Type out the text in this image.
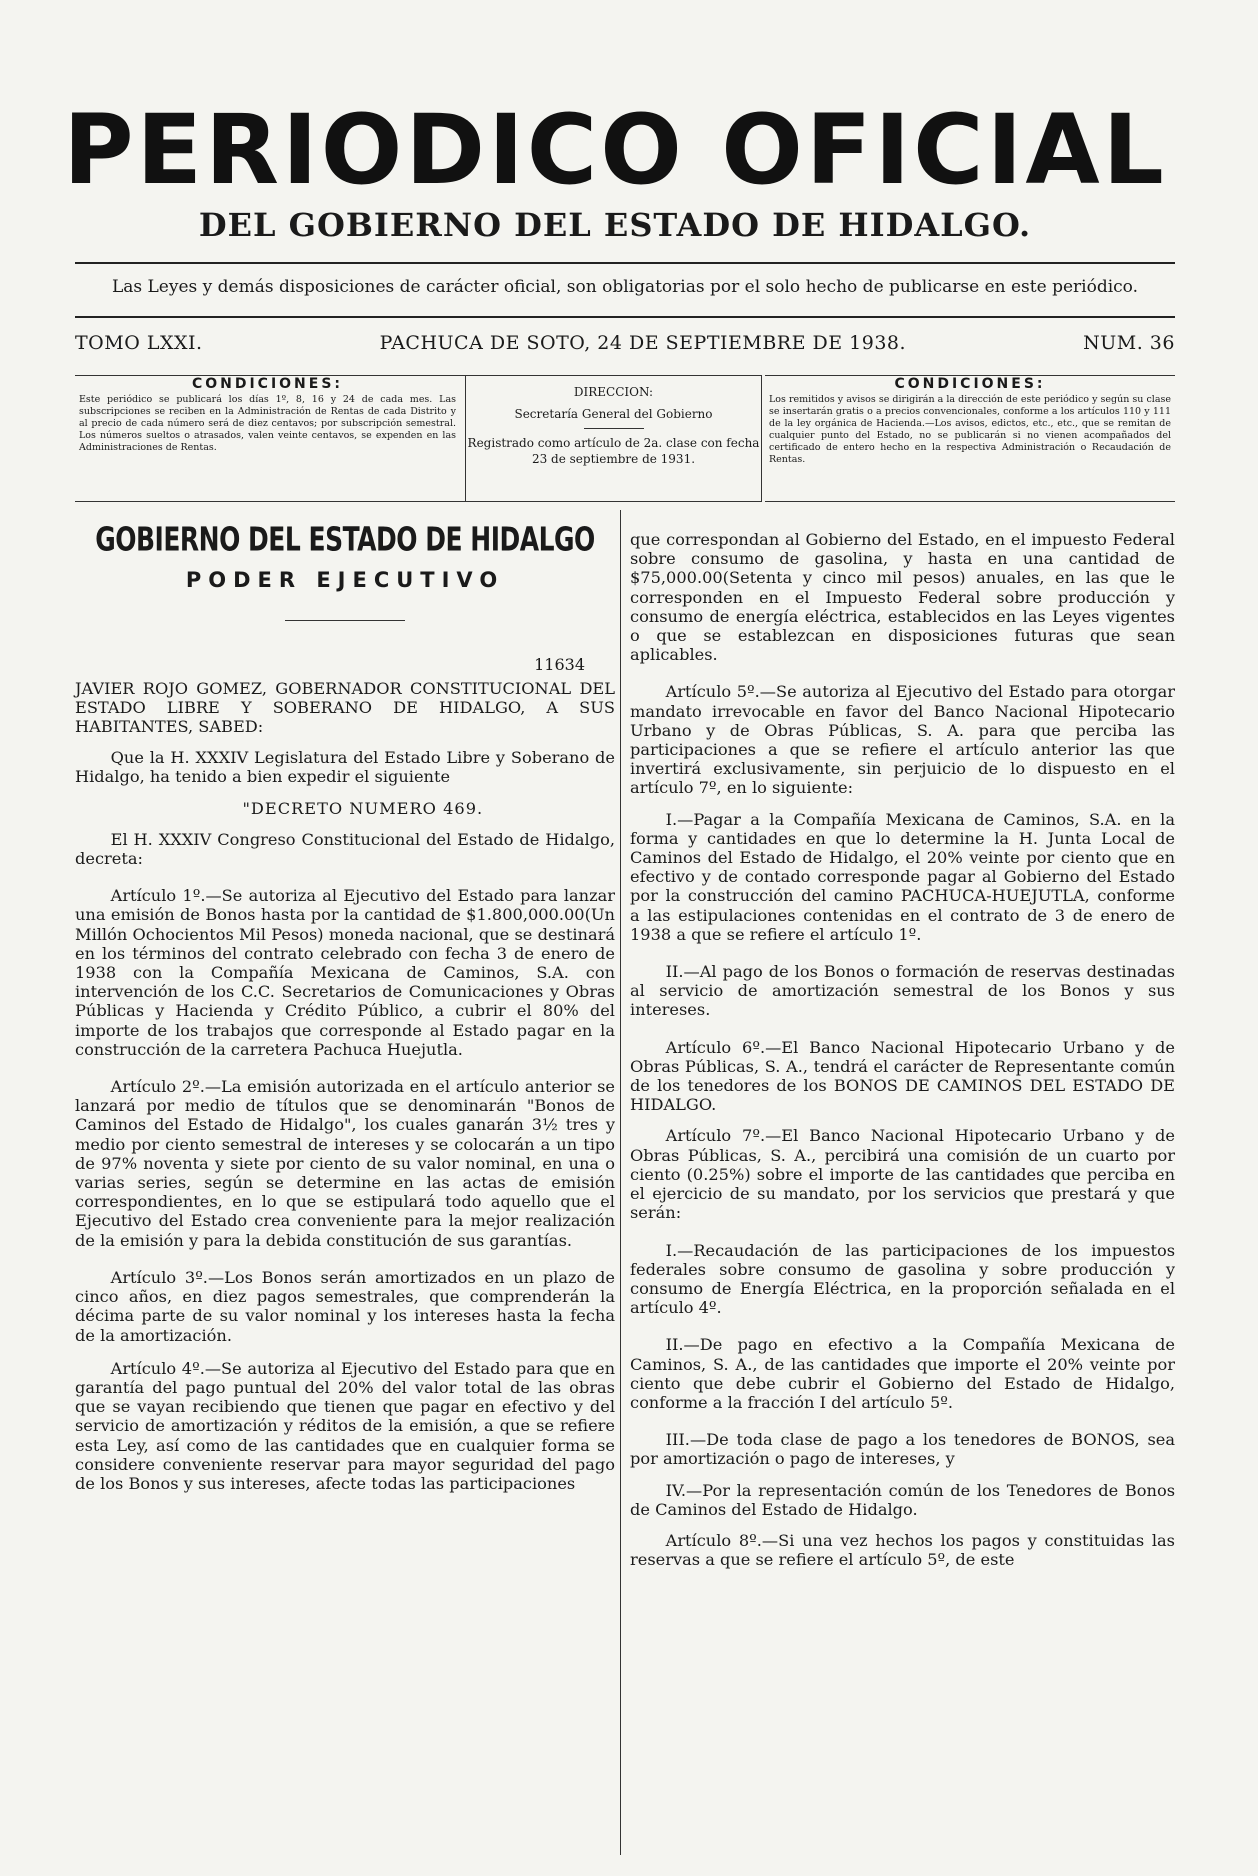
PERIODICO OFICIAL
DEL GOBIERNO DEL ESTADO DE HIDALGO.
Las Leyes y demás disposiciones de carácter oficial, son obligatorias por el solo hecho de publicarse en este periódico.
TOMO LXXI.	PACHUCA DE SOTO, 24 DE SEPTIEMBRE DE 1938.	NUM. 36
CONDICIONES:
Este periódico se publicará los días 1º, 8, 16 y 24 de cada mes. Las subscripciones se reciben en la Administración de Rentas de cada Distrito y al precio de cada número será de diez centavos; por subscripción semestral. Los números sueltos o atrasados, valen veinte centavos, se expenden en las Administraciones de Rentas.
DIRECCION:
Secretaría General del Gobierno
Registrado como artículo de 2a. clase con fecha 23 de septiembre de 1931.
CONDICIONES:
Los remitidos y avisos se dirigirán a la dirección de este periódico y según su clase se insertarán gratis o a precios convencionales, conforme a los artículos 110 y 111 de la ley orgánica de Hacienda.—Los avisos, edictos, etc., etc., que se remitan de cualquier punto del Estado, no se publicarán si no vienen acompañados del certificado de entero hecho en la respectiva Administración o Recaudación de Rentas.
GOBIERNO DEL ESTADO DE HIDALGO
PODER EJECUTIVO
11634

JAVIER ROJO GOMEZ, GOBERNADOR CONSTITUCIONAL DEL ESTADO LIBRE Y SOBERANO DE HIDALGO, A SUS HABITANTES, SABED:

Que la H. XXXIV Legislatura del Estado Libre y Soberano de Hidalgo, ha tenido a bien expedir el siguiente

"DECRETO NUMERO 469.

El H. XXXIV Congreso Constitucional del Estado de Hidalgo, decreta:

Artículo 1º.—Se autoriza al Ejecutivo del Estado para lanzar una emisión de Bonos hasta por la cantidad de $1.800,000.00(Un Millón Ochocientos Mil Pesos) moneda nacional, que se destinará en los términos del contrato celebrado con fecha 3 de enero de 1938 con la Compañía Mexicana de Caminos, S.A. con intervención de los C.C. Secretarios de Comunicaciones y Obras Públicas y Hacienda y Crédito Público, a cubrir el 80% del importe de los trabajos que corresponde al Estado pagar en la construcción de la carretera Pachuca Huejutla.

Artículo 2º.—La emisión autorizada en el artículo anterior se lanzará por medio de títulos que se denominarán "Bonos de Caminos del Estado de Hidalgo", los cuales ganarán 3½ tres y medio por ciento semestral de intereses y se colocarán a un tipo de 97% noventa y siete por ciento de su valor nominal, en una o varias series, según se determine en las actas de emisión correspondientes, en lo que se estipulará todo aquello que el Ejecutivo del Estado crea conveniente para la mejor realización de la emisión y para la debida constitución de sus garantías.

Artículo 3º.—Los Bonos serán amortizados en un plazo de cinco años, en diez pagos semestrales, que comprenderán la décima parte de su valor nominal y los intereses hasta la fecha de la amortización.

Artículo 4º.—Se autoriza al Ejecutivo del Estado para que en garantía del pago puntual del 20% del valor total de las obras que se vayan recibiendo que tienen que pagar en efectivo y del servicio de amortización y réditos de la emisión, a que se refiere esta Ley, así como de las cantidades que en cualquier forma se considere conveniente reservar para mayor seguridad del pago de los Bonos y sus intereses, afecte todas las participaciones

que correspondan al Gobierno del Estado, en el impuesto Federal sobre consumo de gasolina, y hasta en una cantidad de $75,000.00(Setenta y cinco mil pesos) anuales, en las que le corresponden en el Impuesto Federal sobre producción y consumo de energía eléctrica, establecidos en las Leyes vigentes o que se establezcan en disposiciones futuras que sean aplicables.

Artículo 5º.—Se autoriza al Ejecutivo del Estado para otorgar mandato irrevocable en favor del Banco Nacional Hipotecario Urbano y de Obras Públicas, S. A. para que perciba las participaciones a que se refiere el artículo anterior las que invertirá exclusivamente, sin perjuicio de lo dispuesto en el artículo 7º, en lo siguiente:

I.—Pagar a la Compañía Mexicana de Caminos, S.A. en la forma y cantidades en que lo determine la H. Junta Local de Caminos del Estado de Hidalgo, el 20% veinte por ciento que en efectivo y de contado corresponde pagar al Gobierno del Estado por la construcción del camino PACHUCA-HUEJUTLA, conforme a las estipulaciones contenidas en el contrato de 3 de enero de 1938 a que se refiere el artículo 1º.

II.—Al pago de los Bonos o formación de reservas destinadas al servicio de amortización semestral de los Bonos y sus intereses.

Artículo 6º.—El Banco Nacional Hipotecario Urbano y de Obras Públicas, S. A., tendrá el carácter de Representante común de los tenedores de los BONOS DE CAMINOS DEL ESTADO DE HIDALGO.

Artículo 7º.—El Banco Nacional Hipotecario Urbano y de Obras Públicas, S. A., percibirá una comisión de un cuarto por ciento (0.25%) sobre el importe de las cantidades que perciba en el ejercicio de su mandato, por los servicios que prestará y que serán:

I.—Recaudación de las participaciones de los impuestos federales sobre consumo de gasolina y sobre producción y consumo de Energía Eléctrica, en la proporción señalada en el artículo 4º.

II.—De pago en efectivo a la Compañía Mexicana de Caminos, S. A., de las cantidades que importe el 20% veinte por ciento que debe cubrir el Gobierno del Estado de Hidalgo, conforme a la fracción I del artículo 5º.

III.—De toda clase de pago a los tenedores de BONOS, sea por amortización o pago de intereses, y

IV.—Por la representación común de los Tenedores de Bonos de Caminos del Estado de Hidalgo.

Artículo 8º.—Si una vez hechos los pagos y constituidas las reservas a que se refiere el artículo 5º, de este
